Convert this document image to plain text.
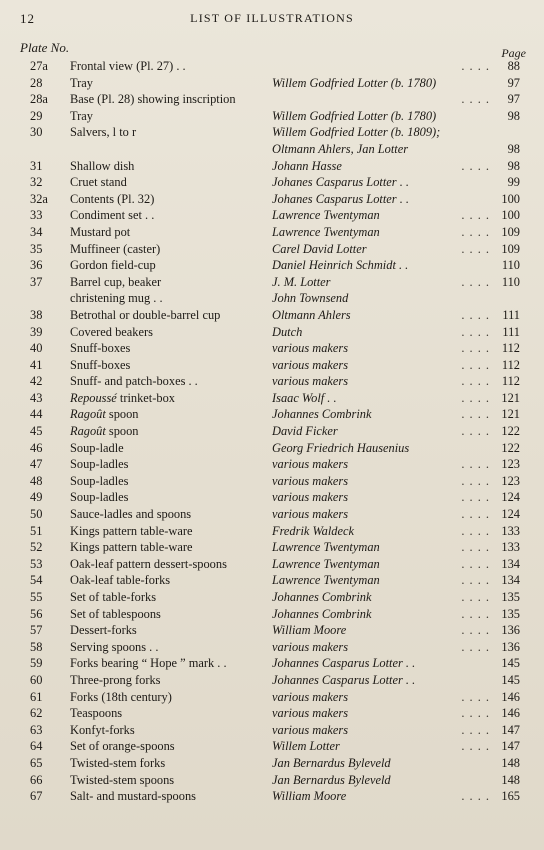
12	LIST OF ILLUSTRATIONS
Plate No.	Page
27a	Frontal view (Pl. 27) . .	. . . .	88
28	Tray	Willem Godfried Lotter (b. 1780)	97
28a	Base (Pl. 28) showing inscription	. . . .	97
29	Tray	Willem Godfried Lotter (b. 1780)	98
30	Salvers, l to r	Willem Godfried Lotter (b. 1809);
Oltmann Ahlers, Jan Lotter	98
31	Shallow dish	Johann Hasse	. . . .	98
32	Cruet stand	Johanes Casparus Lotter . .	99
32a	Contents (Pl. 32)	Johanes Casparus Lotter . .	100
33	Condiment set . .	Lawrence Twentyman	. . . . 100
34	Mustard pot	Lawrence Twentyman	. . . . 109
35	Muffineer (caster)	Carel David Lotter	. . . . 109
36	Gordon field-cup	Daniel Heinrich Schmidt . .	110
37	Barrel cup, beaker	J. M. Lotter	. . . . 110
christening mug . .	John Townsend
38	Betrothal or double-barrel cup	Oltmann Ahlers	. . . . 111
39	Covered beakers	Dutch	. . . . 111
40	Snuff-boxes	various makers	. . . . 112
41	Snuff-boxes	various makers	. . . . 112
42	Snuff- and patch-boxes . .	various makers	. . . . 112
43	Repoussé trinket-box	Isaac Wolf . .	. . . . 121
44	Ragoût spoon	Johannes Combrink	. . . . 121
45	Ragoût spoon	David Ficker	. . . . 122
46	Soup-ladle	Georg Friedrich Hausenius	122
47	Soup-ladles	various makers	. . . . 123
48	Soup-ladles	various makers	. . . . 123
49	Soup-ladles	various makers	. . . . 124
50	Sauce-ladles and spoons	various makers	. . . . 124
51	Kings pattern table-ware	Fredrik Waldeck	. . . . 133
52	Kings pattern table-ware	Lawrence Twentyman	. . . . 133
53	Oak-leaf pattern dessert-spoons	Lawrence Twentyman	. . . . 134
54	Oak-leaf table-forks	Lawrence Twentyman	. . . . 134
55	Set of table-forks	Johannes Combrink	. . . . 135
56	Set of tablespoons	Johannes Combrink	. . . . 135
57	Dessert-forks	William Moore	. . . . 136
58	Serving spoons . .	various makers	. . . . 136
59	Forks bearing “ Hope ” mark . .	Johannes Casparus Lotter . .	145
60	Three-prong forks	Johannes Casparus Lotter . .	145
61	Forks (18th century)	various makers	. . . . 146
62	Teaspoons	various makers	. . . . 146
63	Konfyt-forks	various makers	. . . . 147
64	Set of orange-spoons	Willem Lotter	. . . . 147
65	Twisted-stem forks	Jan Bernardus Byleveld	148
66	Twisted-stem spoons	Jan Bernardus Byleveld	148
67	Salt- and mustard-spoons	William Moore	. . . . 165
